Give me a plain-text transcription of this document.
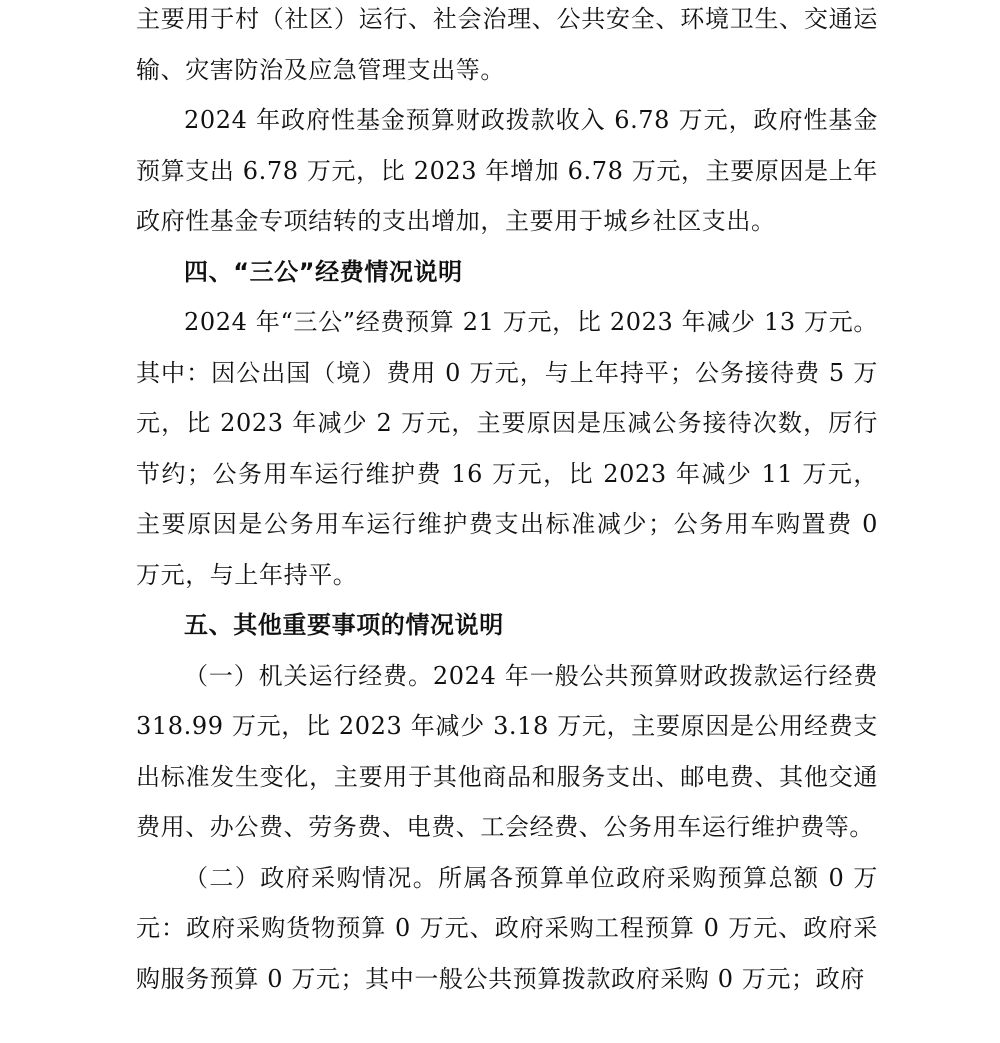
主要用于村（社区）运行、社会治理、公共安全、环境卫生、交通运输、灾害防治及应急管理支出等。

2024 年政府性基金预算财政拨款收入 6.78 万元，政府性基金预算支出 6.78 万元，比 2023 年增加 6.78 万元，主要原因是上年政府性基金专项结转的支出增加，主要用于城乡社区支出。

四、“三公”经费情况说明

2024 年“三公”经费预算 21 万元，比 2023 年减少 13 万元。其中：因公出国（境）费用 0 万元，与上年持平；公务接待费 5 万元，比 2023 年减少 2 万元，主要原因是压减公务接待次数，厉行节约；公务用车运行维护费 16 万元，比 2023 年减少 11 万元，主要原因是公务用车运行维护费支出标准减少；公务用车购置费 0 万元，与上年持平。

五、其他重要事项的情况说明

（一）机关运行经费。2024 年一般公共预算财政拨款运行经费 318.99 万元，比 2023 年减少 3.18 万元，主要原因是公用经费支出标准发生变化，主要用于其他商品和服务支出、邮电费、其他交通费用、办公费、劳务费、电费、工会经费、公务用车运行维护费等。

（二）政府采购情况。所属各预算单位政府采购预算总额 0 万元：政府采购货物预算 0 万元、政府采购工程预算 0 万元、政府采购服务预算 0 万元；其中一般公共预算拨款政府采购 0 万元；政府
